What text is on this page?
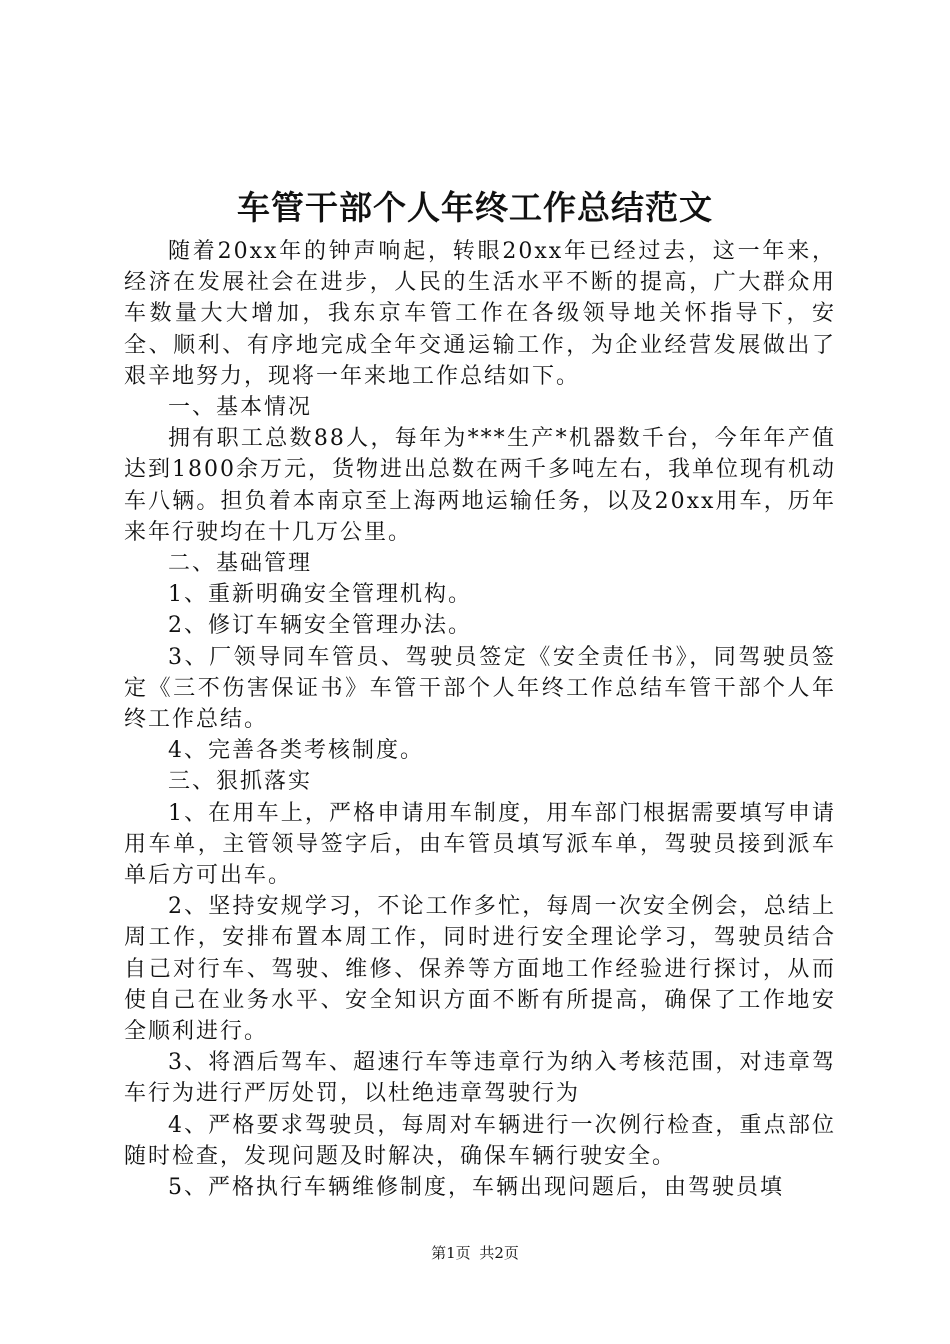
车管干部个人年终工作总结范文

随着20xx年的钟声响起，转眼20xx年已经过去，这一年来，经济在发展社会在进步，人民的生活水平不断的提高，广大群众用车数量大大增加，我东京车管工作在各级领导地关怀指导下，安全、顺利、有序地完成全年交通运输工作，为企业经营发展做出了艰辛地努力，现将一年来地工作总结如下。

一、基本情况

拥有职工总数88人，每年为***生产*机器数千台，今年年产值达到1800余万元，货物进出总数在两千多吨左右，我单位现有机动车八辆。担负着本南京至上海两地运输任务，以及20xx用车，历年来年行驶均在十几万公里。

二、基础管理

1、重新明确安全管理机构。

2、修订车辆安全管理办法。

3、厂领导同车管员、驾驶员签定《安全责任书》，同驾驶员签定《三不伤害保证书》车管干部个人年终工作总结车管干部个人年终工作总结。

4、完善各类考核制度。

三、狠抓落实

1、在用车上，严格申请用车制度，用车部门根据需要填写申请用车单，主管领导签字后，由车管员填写派车单，驾驶员接到派车单后方可出车。

2、坚持安规学习，不论工作多忙，每周一次安全例会，总结上周工作，安排布置本周工作，同时进行安全理论学习，驾驶员结合自己对行车、驾驶、维修、保养等方面地工作经验进行探讨，从而使自己在业务水平、安全知识方面不断有所提高，确保了工作地安全顺利进行。

3、将酒后驾车、超速行车等违章行为纳入考核范围，对违章驾车行为进行严厉处罚，以杜绝违章驾驶行为

4、严格要求驾驶员，每周对车辆进行一次例行检查，重点部位随时检查，发现问题及时解决，确保车辆行驶安全。

5、严格执行车辆维修制度，车辆出现问题后，由驾驶员填

第1页 共2页
